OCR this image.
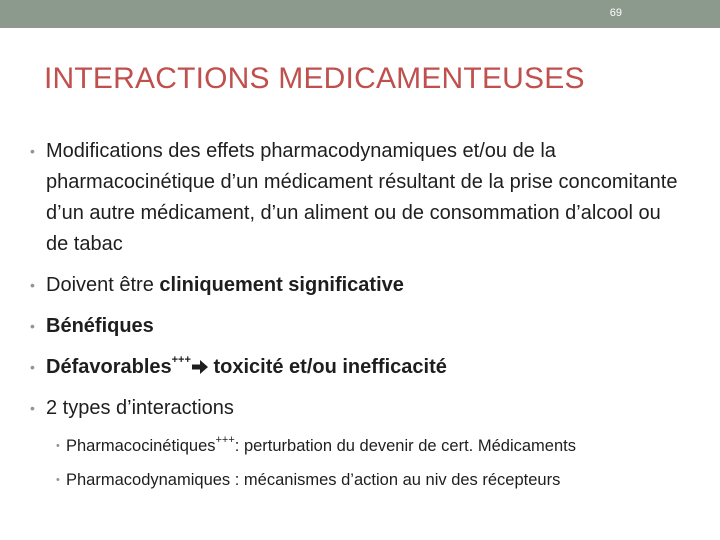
69
INTERACTIONS MEDICAMENTEUSES
• Modifications des effets pharmacodynamiques et/ou de la pharmacocinétique d’un médicament résultant de la prise concomitante d’un autre médicament, d’un aliment ou de consommation d’alcool ou de tabac
• Doivent être cliniquement significative
• Bénéfiques
• Défavorables+++ toxicité et/ou inefficacité
• 2 types d’interactions
• Pharmacocinétiques+++: perturbation du devenir de cert. Médicaments
• Pharmacodynamiques : mécanismes d’action au niv des récepteurs
